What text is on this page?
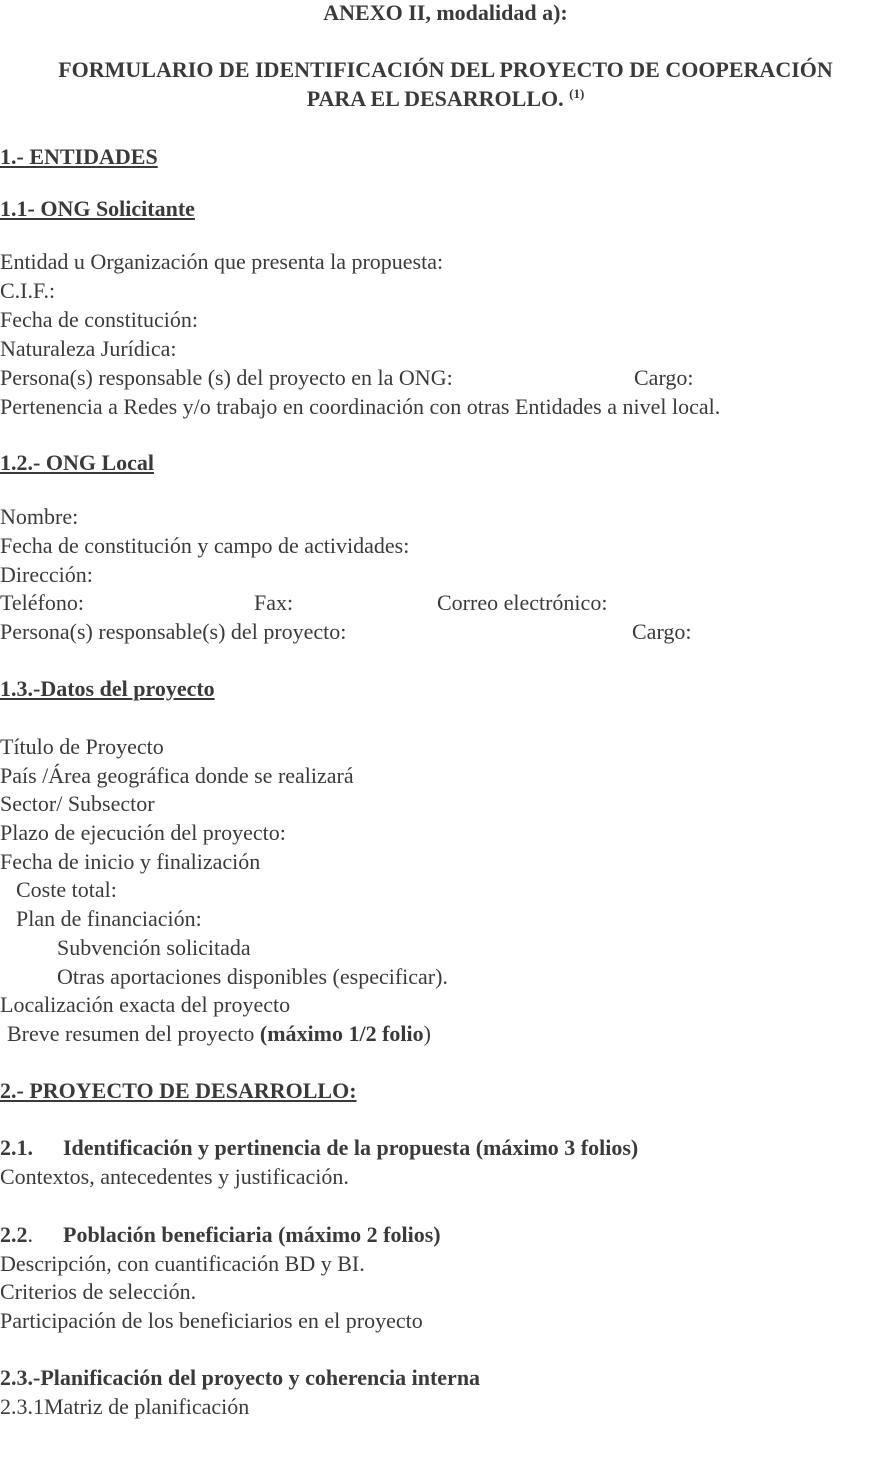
ANEXO II, modalidad a):
FORMULARIO DE IDENTIFICACIÓN DEL PROYECTO DE COOPERACIÓN
PARA EL DESARROLLO. $^{(1)}$
1.- ENTIDADES
1.1- ONG Solicitante
Entidad u Organización que presenta la propuesta:
C.I.F.:
Fecha de constitución:
Naturaleza Jurídica:
Persona(s) responsable (s) del proyecto en la ONG:	Cargo:
Pertenencia a Redes y/o trabajo en coordinación con otras Entidades a nivel local.
1.2.- ONG Local
Nombre:
Fecha de constitución y campo de actividades:
Dirección:
Teléfono:	Fax:	Correo electrónico:
Persona(s) responsable(s) del proyecto:	Cargo:
1.3.-Datos del proyecto
Título de Proyecto
País /Área geográfica donde se realizará
Sector/ Subsector
Plazo de ejecución del proyecto:
Fecha de inicio y finalización
Coste total:
Plan de financiación:
Subvención solicitada
Otras aportaciones disponibles (especificar).
Localización exacta del proyecto
Breve resumen del proyecto (máximo 1/2 folio)
2.- PROYECTO DE DESARROLLO:
2.1. Identificación y pertinencia de la propuesta (máximo 3 folios)
Contextos, antecedentes y justificación.
2.2. Población beneficiaria (máximo 2 folios)
Descripción, con cuantificación BD y BI.
Criterios de selección.
Participación de los beneficiarios en el proyecto
2.3.-Planificación del proyecto y coherencia interna
2.3.1Matriz de planificación
